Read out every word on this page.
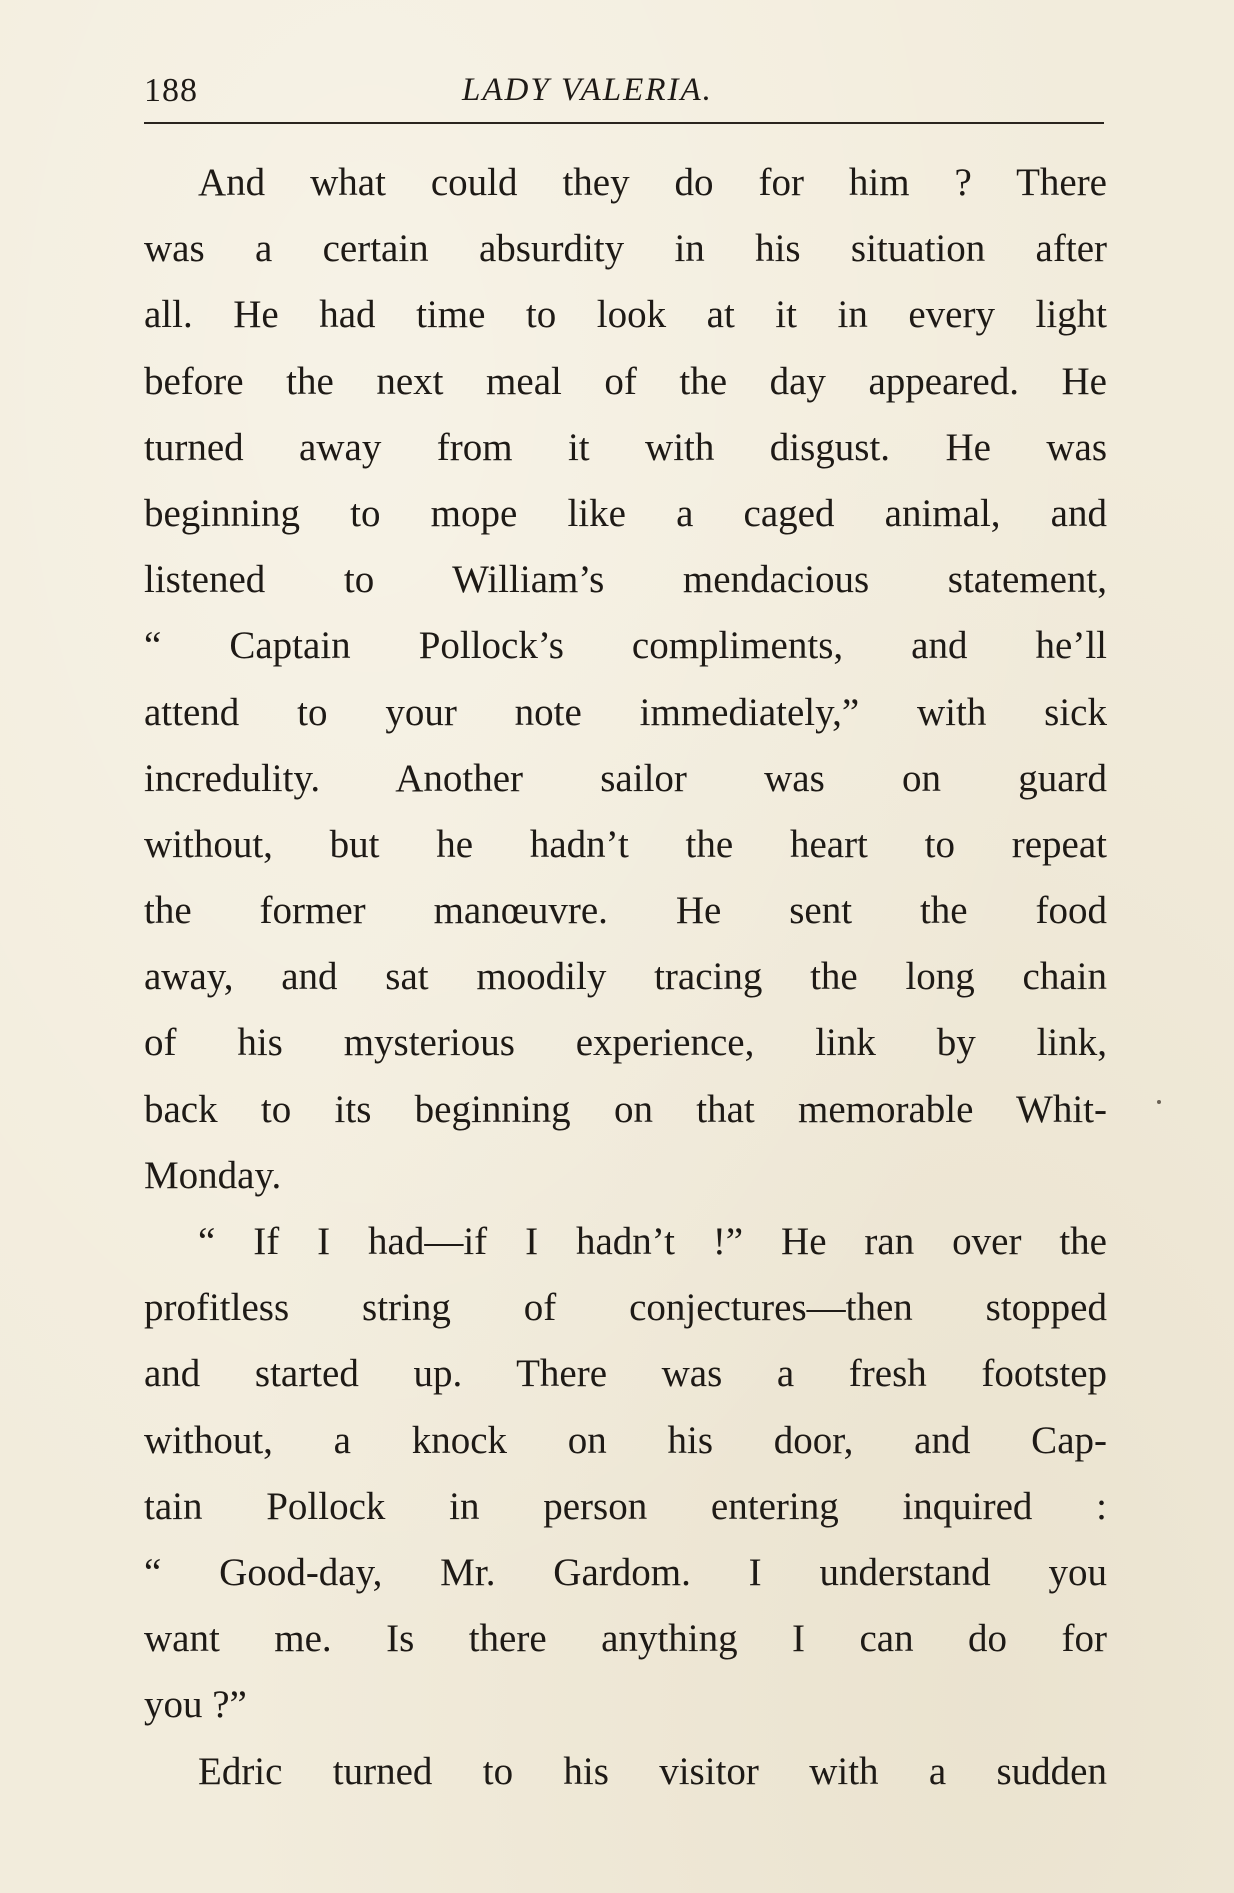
188	LADY VALERIA.
And what could they do for him ? There
was a certain absurdity in his situation after
all. He had time to look at it in every light
before the next meal of the day appeared. He
turned away from it with disgust. He was
beginning to mope like a caged animal, and
listened to William’s mendacious statement,
“ Captain Pollock’s compliments, and he’ll
attend to your note immediately,” with sick
incredulity. Another sailor was on guard
without, but he hadn’t the heart to repeat
the former manœuvre. He sent the food
away, and sat moodily tracing the long chain
of his mysterious experience, link by link,
back to its beginning on that memorable Whit-
Monday.
“ If I had—if I hadn’t !” He ran over the
profitless string of conjectures—then stopped
and started up. There was a fresh footstep
without, a knock on his door, and Cap-
tain Pollock in person entering inquired :
“ Good-day, Mr. Gardom. I understand you
want me. Is there anything I can do for
you ?”
Edric turned to his visitor with a sudden
